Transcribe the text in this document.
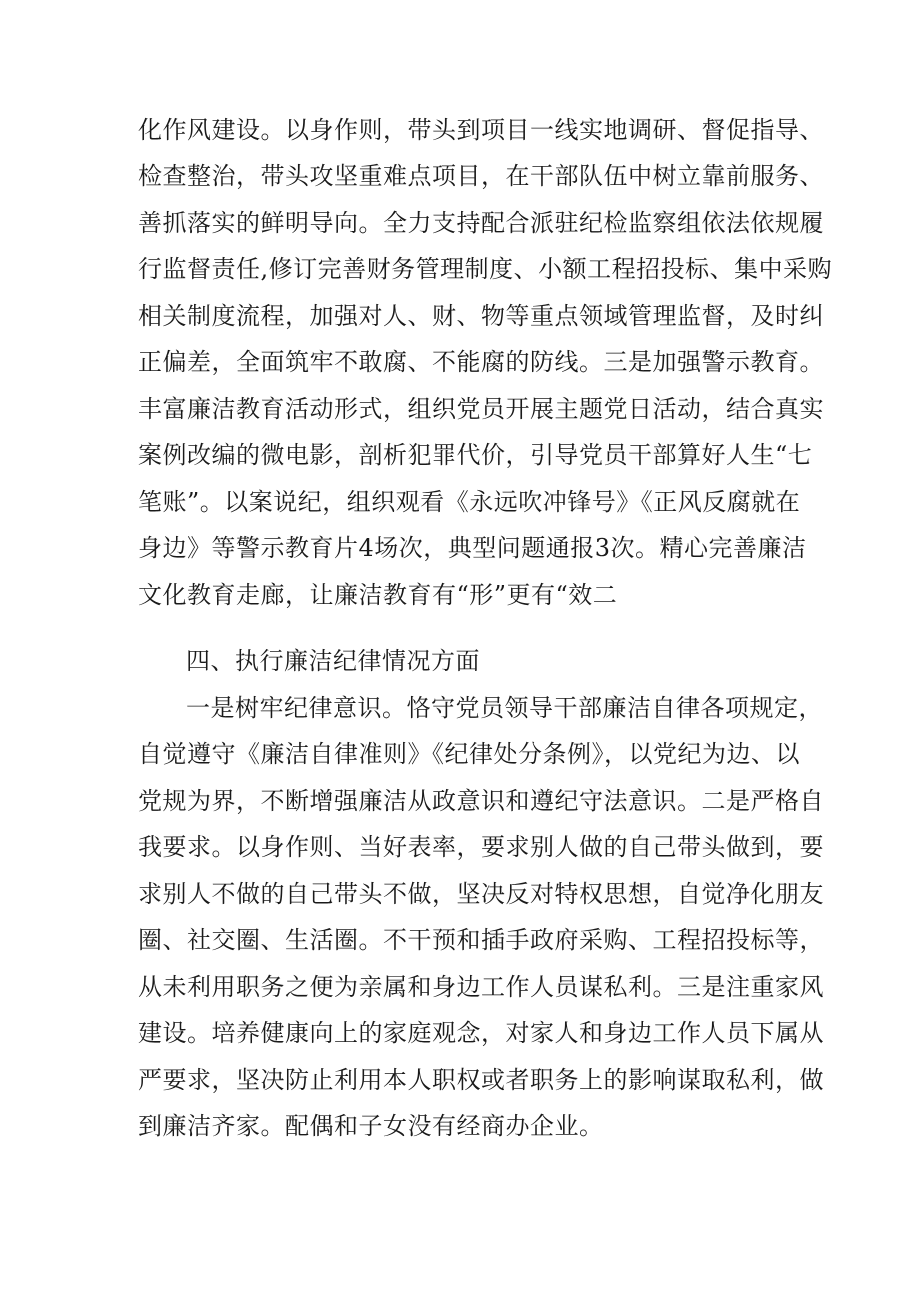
化作风建设。以身作则，带头到项目一线实地调研、督促指导、
检查整治，带头攻坚重难点项目，在干部队伍中树立靠前服务、
善抓落实的鲜明导向。全力支持配合派驻纪检监察组依法依规履
行监督责任,修订完善财务管理制度、小额工程招投标、集中采购
相关制度流程，加强对人、财、物等重点领域管理监督，及时纠
正偏差，全面筑牢不敢腐、不能腐的防线。三是加强警示教育。
丰富廉洁教育活动形式，组织党员开展主题党日活动，结合真实
案例改编的微电影，剖析犯罪代价，引导党员干部算好人生“七
笔账”。以案说纪，组织观看《永远吹冲锋号》《正风反腐就在
身边》等警示教育片4场次，典型问题通报3次。精心完善廉洁
文化教育走廊，让廉洁教育有“形”更有“效二
四、执行廉洁纪律情况方面
一是树牢纪律意识。恪守党员领导干部廉洁自律各项规定，
自觉遵守《廉洁自律准则》《纪律处分条例》，以党纪为边、以
党规为界，不断增强廉洁从政意识和遵纪守法意识。二是严格自
我要求。以身作则、当好表率，要求别人做的自己带头做到，要
求别人不做的自己带头不做，坚决反对特权思想，自觉净化朋友
圈、社交圈、生活圈。不干预和插手政府采购、工程招投标等，
从未利用职务之便为亲属和身边工作人员谋私利。三是注重家风
建设。培养健康向上的家庭观念，对家人和身边工作人员下属从
严要求，坚决防止利用本人职权或者职务上的影响谋取私利，做
到廉洁齐家。配偶和子女没有经商办企业。
